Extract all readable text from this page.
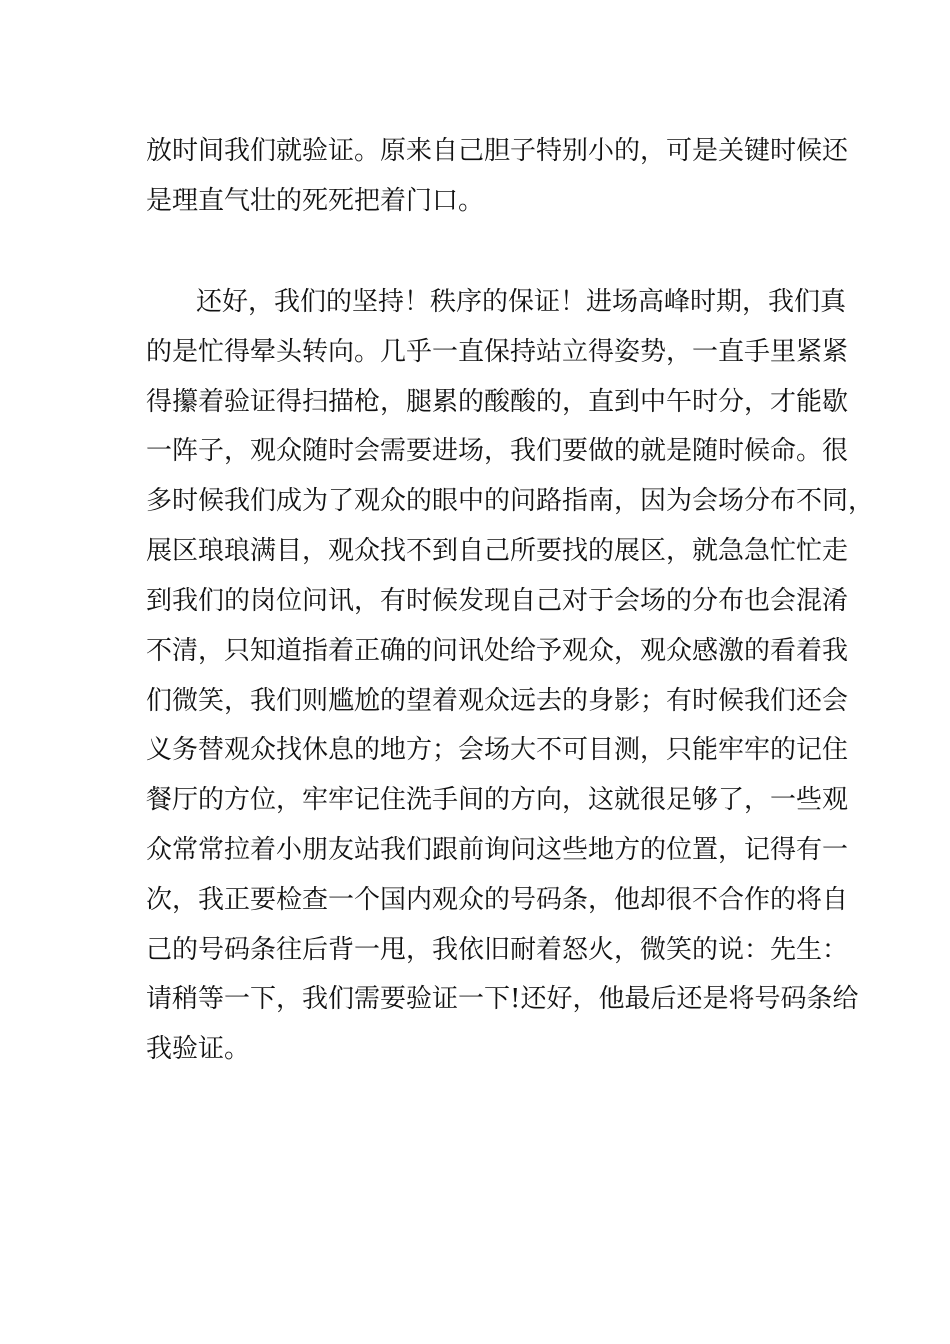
放时间我们就验证。原来自己胆子特别小的，可是关键时候还
是理直气壮的死死把着门口。
还好，我们的坚持！秩序的保证！进场高峰时期，我们真
的是忙得晕头转向。几乎一直保持站立得姿势，一直手里紧紧
得攥着验证得扫描枪，腿累的酸酸的，直到中午时分，才能歇
一阵子，观众随时会需要进场，我们要做的就是随时候命。很
多时候我们成为了观众的眼中的问路指南，因为会场分布不同，
展区琅琅满目，观众找不到自己所要找的展区，就急急忙忙走
到我们的岗位问讯，有时候发现自己对于会场的分布也会混淆
不清，只知道指着正确的问讯处给予观众，观众感激的看着我
们微笑，我们则尴尬的望着观众远去的身影；有时候我们还会
义务替观众找休息的地方；会场大不可目测，只能牢牢的记住
餐厅的方位，牢牢记住洗手间的方向，这就很足够了，一些观
众常常拉着小朋友站我们跟前询问这些地方的位置，记得有一
次，我正要检查一个国内观众的号码条，他却很不合作的将自
己的号码条往后背一甩，我依旧耐着怒火，微笑的说：先生：
请稍等一下，我们需要验证一下!还好，他最后还是将号码条给
我验证。
